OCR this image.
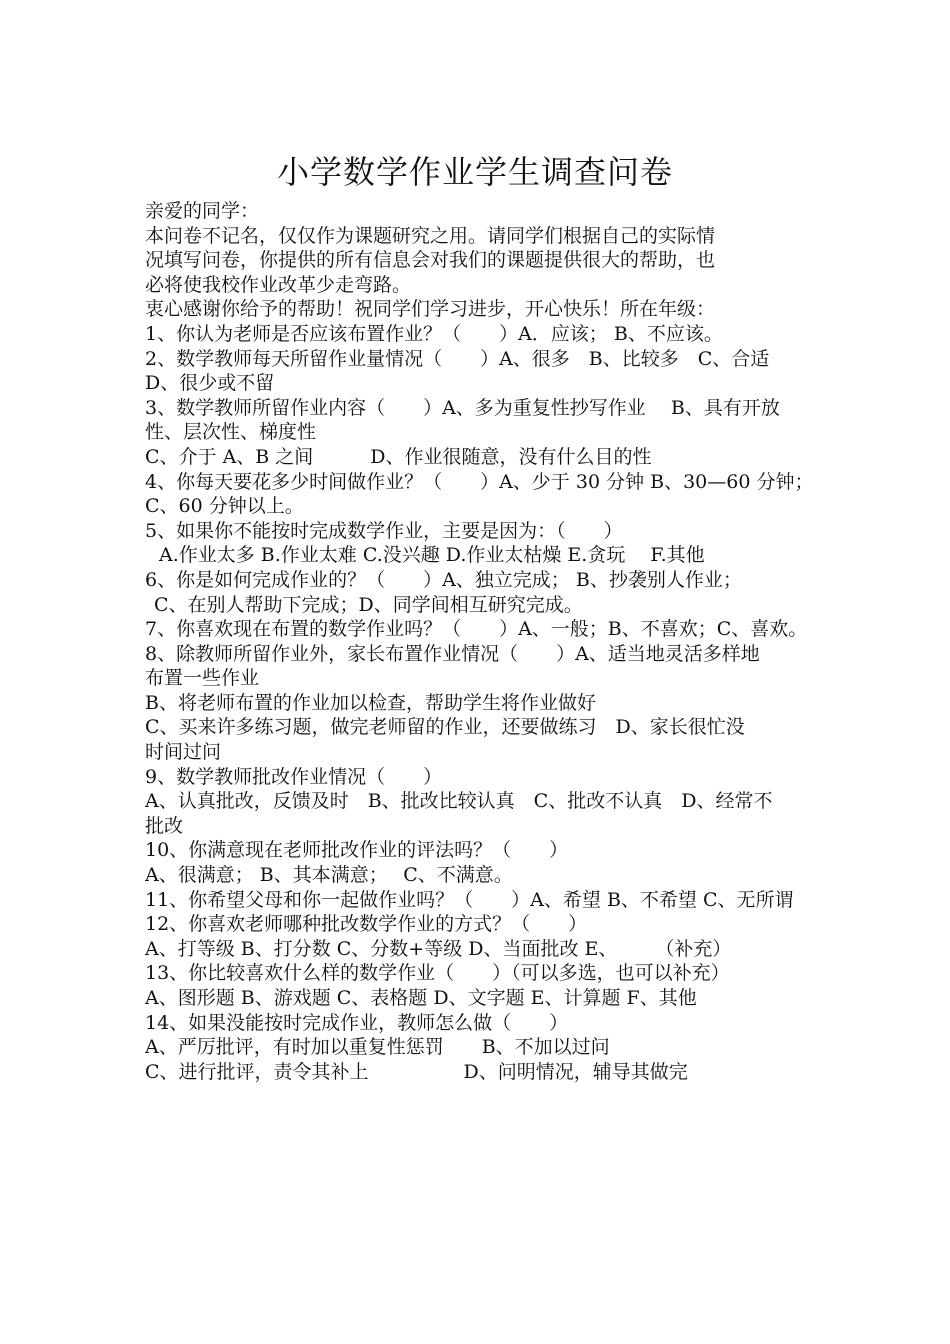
小学数学作业学生调查问卷
亲爱的同学：
本问卷不记名，仅仅作为课题研究之用。请同学们根据自己的实际情
况填写问卷，你提供的所有信息会对我们的课题提供很大的帮助，也
必将使我校作业改革少走弯路。
衷心感谢你给予的帮助！祝同学们学习进步，开心快乐！所在年级：
1、你认为老师是否应该布置作业？（　　）A．应该； B、不应该。
2、数学教师每天所留作业量情况（　　）A、很多　B、比较多　C、合适
D、很少或不留
3、数学教师所留作业内容（　　）A、多为重复性抄写作业　 B、具有开放
性、层次性、梯度性
C、介于 A、B 之间　　　D、作业很随意，没有什么目的性
4、你每天要花多少时间做作业？（　　）A、少于 30 分钟 B、30—60 分钟；
C、60 分钟以上。
5、如果你不能按时完成数学作业，主要是因为：（　　）
A.作业太多 B.作业太难 C.没兴趣 D.作业太枯燥 E.贪玩　 F.其他
6、你是如何完成作业的？（　　）A、独立完成； B、抄袭别人作业；
C、在别人帮助下完成；D、同学间相互研究完成。
7、你喜欢现在布置的数学作业吗？（　　）A、一般；B、不喜欢；C、喜欢。
8、除教师所留作业外，家长布置作业情况（　　）A、适当地灵活多样地
布置一些作业
B、将老师布置的作业加以检查，帮助学生将作业做好
C、买来许多练习题，做完老师留的作业，还要做练习　D、家长很忙没
时间过问
9、数学教师批改作业情况（　　）
A、认真批改，反馈及时　B、批改比较认真　C、批改不认真　D、经常不
批改
10、你满意现在老师批改作业的评法吗？（　　）
A、很满意； B、其本满意；　 C、不满意。
11、你希望父母和你一起做作业吗？（　　）A、希望 B、不希望 C、无所谓
12、你喜欢老师哪种批改数学作业的方式？（　　）
A、打等级 B、打分数 C、分数+等级 D、当面批改 E、　　　（补充）
13、你比较喜欢什么样的数学作业（　　）（可以多选，也可以补充）
A、图形题 B、游戏题 C、表格题 D、文字题 E、计算题 F、其他
14、如果没能按时完成作业，教师怎么做（　　）
A、严厉批评，有时加以重复性惩罚　　B、不加以过问
C、进行批评，责令其补上　　　　　D、问明情况，辅导其做完
